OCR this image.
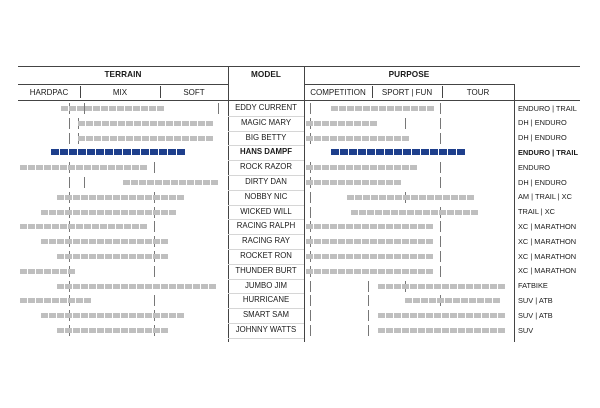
TERRAIN	MODEL	PURPOSE
HARDPAC	MIX	SOFT	COMPETITION	SPORT | FUN	TOUR
EDDY CURRENT	ENDURO | TRAIL
MAGIC MARY	DH | ENDURO
BIG BETTY	DH | ENDURO
HANS DAMPF	ENDURO | TRAIL
ROCK RAZOR	ENDURO
DIRTY DAN	DH | ENDURO
NOBBY NIC	AM | TRAIL | XC
WICKED WILL	TRAIL | XC
RACING RALPH	XC | MARATHON
RACING RAY	XC | MARATHON
ROCKET RON	XC | MARATHON
THUNDER BURT	XC | MARATHON
JUMBO JIM	FATBIKE
HURRICANE	SUV | ATB
SMART SAM	SUV | ATB
JOHNNY WATTS	SUV
